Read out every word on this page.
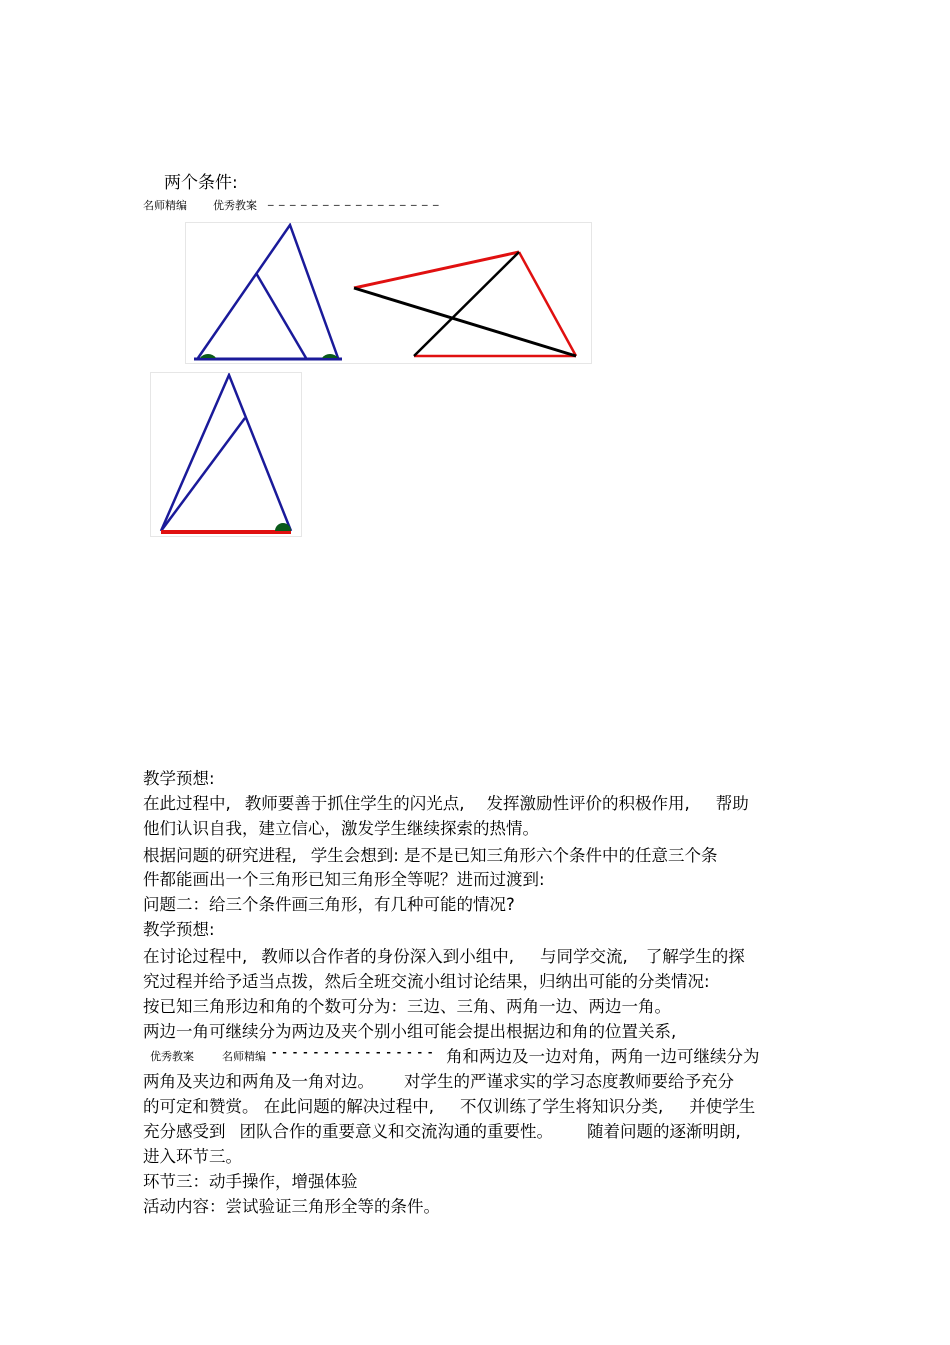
两个条件:
名师精编 优秀教案 _ _ _ _ _ _ _ _ _ _ _ _ _ _ _ _
教学预想:
在此过程中, 教师要善于抓住学生的闪光点, 发挥激励性评价的积极作用, 帮助
他们认识自我，建立信心，激发学生继续探索的热情。
根据问题的研究进程, 学生会想到: 是不是已知三角形六个条件中的任意三个条
件都能画出一个三角形已知三角形全等呢？进而过渡到:
问题二：给三个条件画三角形，有几种可能的情况?
教学预想:
在讨论过程中, 教师以合作者的身份深入到小组中, 与同学交流, 了解学生的探
究过程并给予适当点拨，然后全班交流小组讨论结果，归纳出可能的分类情况:
按已知三角形边和角的个数可分为：三边、三角、两角一边、两边一角。
两边一角可继续分为两边及夹个别小组可能会提出根据边和角的位置关系,
优秀教案	名师精编 - - - - - - - - - - - - - - - - 角和两边及一边对角，两角一边可继续分为
两角及夹边和两角及一角对边。 对学生的严谨求实的学习态度教师要给予充分
的可定和赞赏。 在此问题的解决过程中, 不仅训练了学生将知识分类, 并使学生
充分感受到 团队合作的重要意义和交流沟通的重要性。 随着问题的逐渐明朗,
进入环节三。
环节三：动手操作，增强体验
活动内容：尝试验证三角形全等的条件。
